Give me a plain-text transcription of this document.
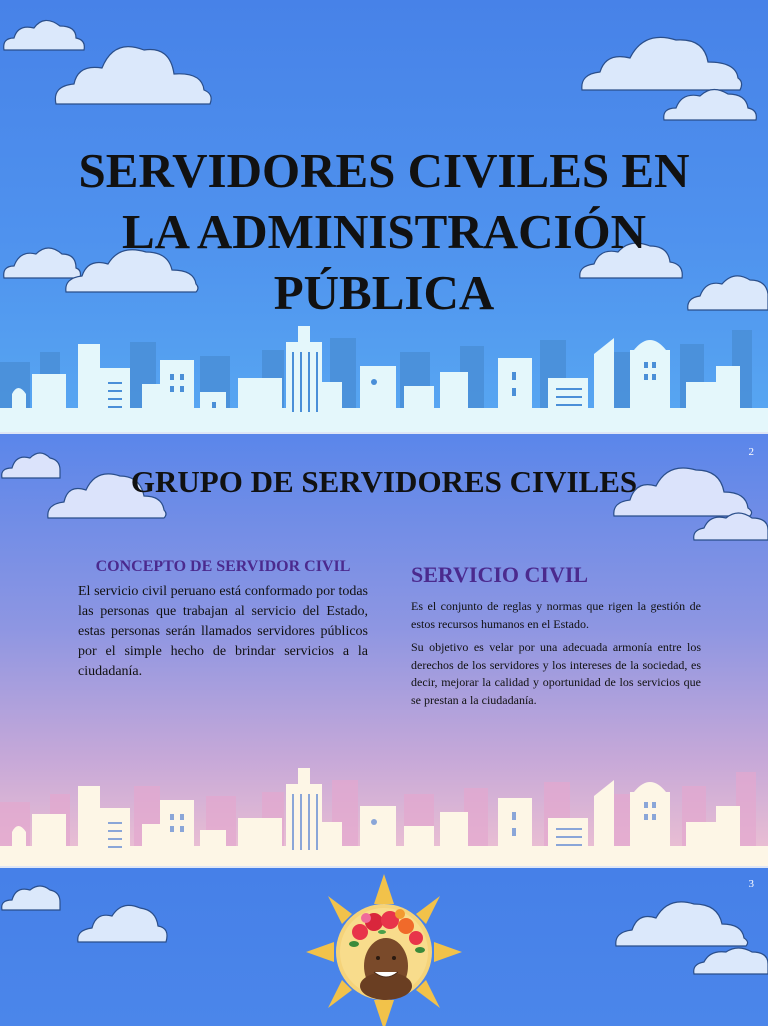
SERVIDORES CIVILES EN
LA ADMINISTRACIÓN
PÚBLICA
2
GRUPO DE SERVIDORES CIVILES
CONCEPTO DE SERVIDOR CIVIL

El servicio civil peruano está conformado por todas las personas que trabajan al servicio del Estado, estas personas serán llamados servidores públicos por el simple hecho de brindar servicios a la ciudadanía.

SERVICIO CIVIL

Es el conjunto de reglas y normas que rigen la gestión de estos recursos humanos en el Estado.

Su objetivo es velar por una adecuada armonía entre los derechos de los servidores y los intereses de la sociedad, es decir, mejorar la calidad y oportunidad de los servicios que se prestan a la ciudadanía.

3
